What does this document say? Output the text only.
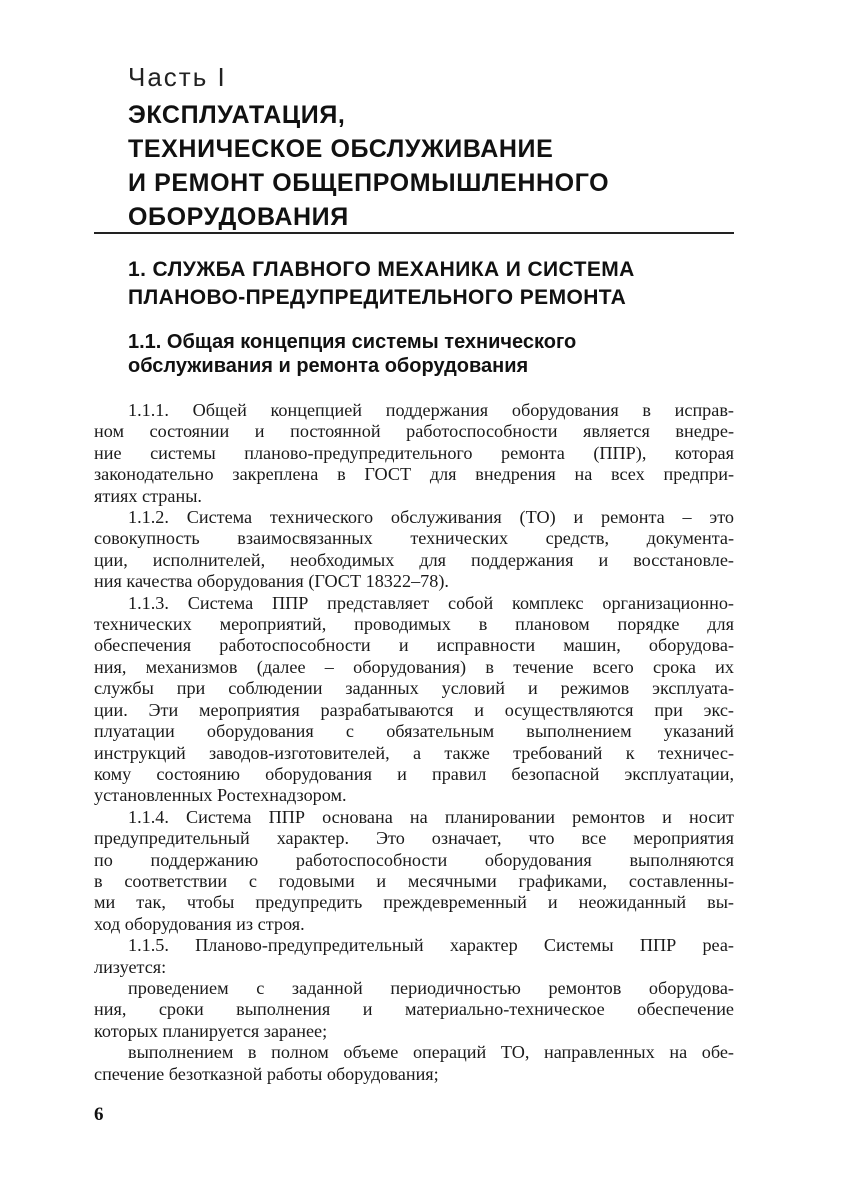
Часть I
ЭКСПЛУАТАЦИЯ,
ТЕХНИЧЕСКОЕ ОБСЛУЖИВАНИЕ
И РЕМОНТ ОБЩЕПРОМЫШЛЕННОГО
ОБОРУДОВАНИЯ
1. СЛУЖБА ГЛАВНОГО МЕХАНИКА И СИСТЕМА
ПЛАНОВО-ПРЕДУПРЕДИТЕЛЬНОГО РЕМОНТА
1.1. Общая концепция системы технического
обслуживания и ремонта оборудования
1.1.1. Общей концепцией поддержания оборудования в исправ-
ном состоянии и постоянной работоспособности является внедре-
ние системы планово-предупредительного ремонта (ППР), которая
законодательно закреплена в ГОСТ для внедрения на всех предпри-
ятиях страны.
1.1.2. Система технического обслуживания (ТО) и ремонта – это
совокупность взаимосвязанных технических средств, документа-
ции, исполнителей, необходимых для поддержания и восстановле-
ния качества оборудования (ГОСТ 18322–78).
1.1.3. Система ППР представляет собой комплекс организационно-
технических мероприятий, проводимых в плановом порядке для
обеспечения работоспособности и исправности машин, оборудова-
ния, механизмов (далее – оборудования) в течение всего срока их
службы при соблюдении заданных условий и режимов эксплуата-
ции. Эти мероприятия разрабатываются и осуществляются при экс-
плуатации оборудования с обязательным выполнением указаний
инструкций заводов-изготовителей, а также требований к техничес-
кому состоянию оборудования и правил безопасной эксплуатации,
установленных Ростехнадзором.
1.1.4. Система ППР основана на планировании ремонтов и носит
предупредительный характер. Это означает, что все мероприятия
по поддержанию работоспособности оборудования выполняются
в соответствии с годовыми и месячными графиками, составленны-
ми так, чтобы предупредить преждевременный и неожиданный вы-
ход оборудования из строя.
1.1.5. Планово-предупредительный характер Системы ППР реа-
лизуется:
проведением с заданной периодичностью ремонтов оборудова-
ния, сроки выполнения и материально-техническое обеспечение
которых планируется заранее;
выполнением в полном объеме операций ТО, направленных на обе-
спечение безотказной работы оборудования;
6
